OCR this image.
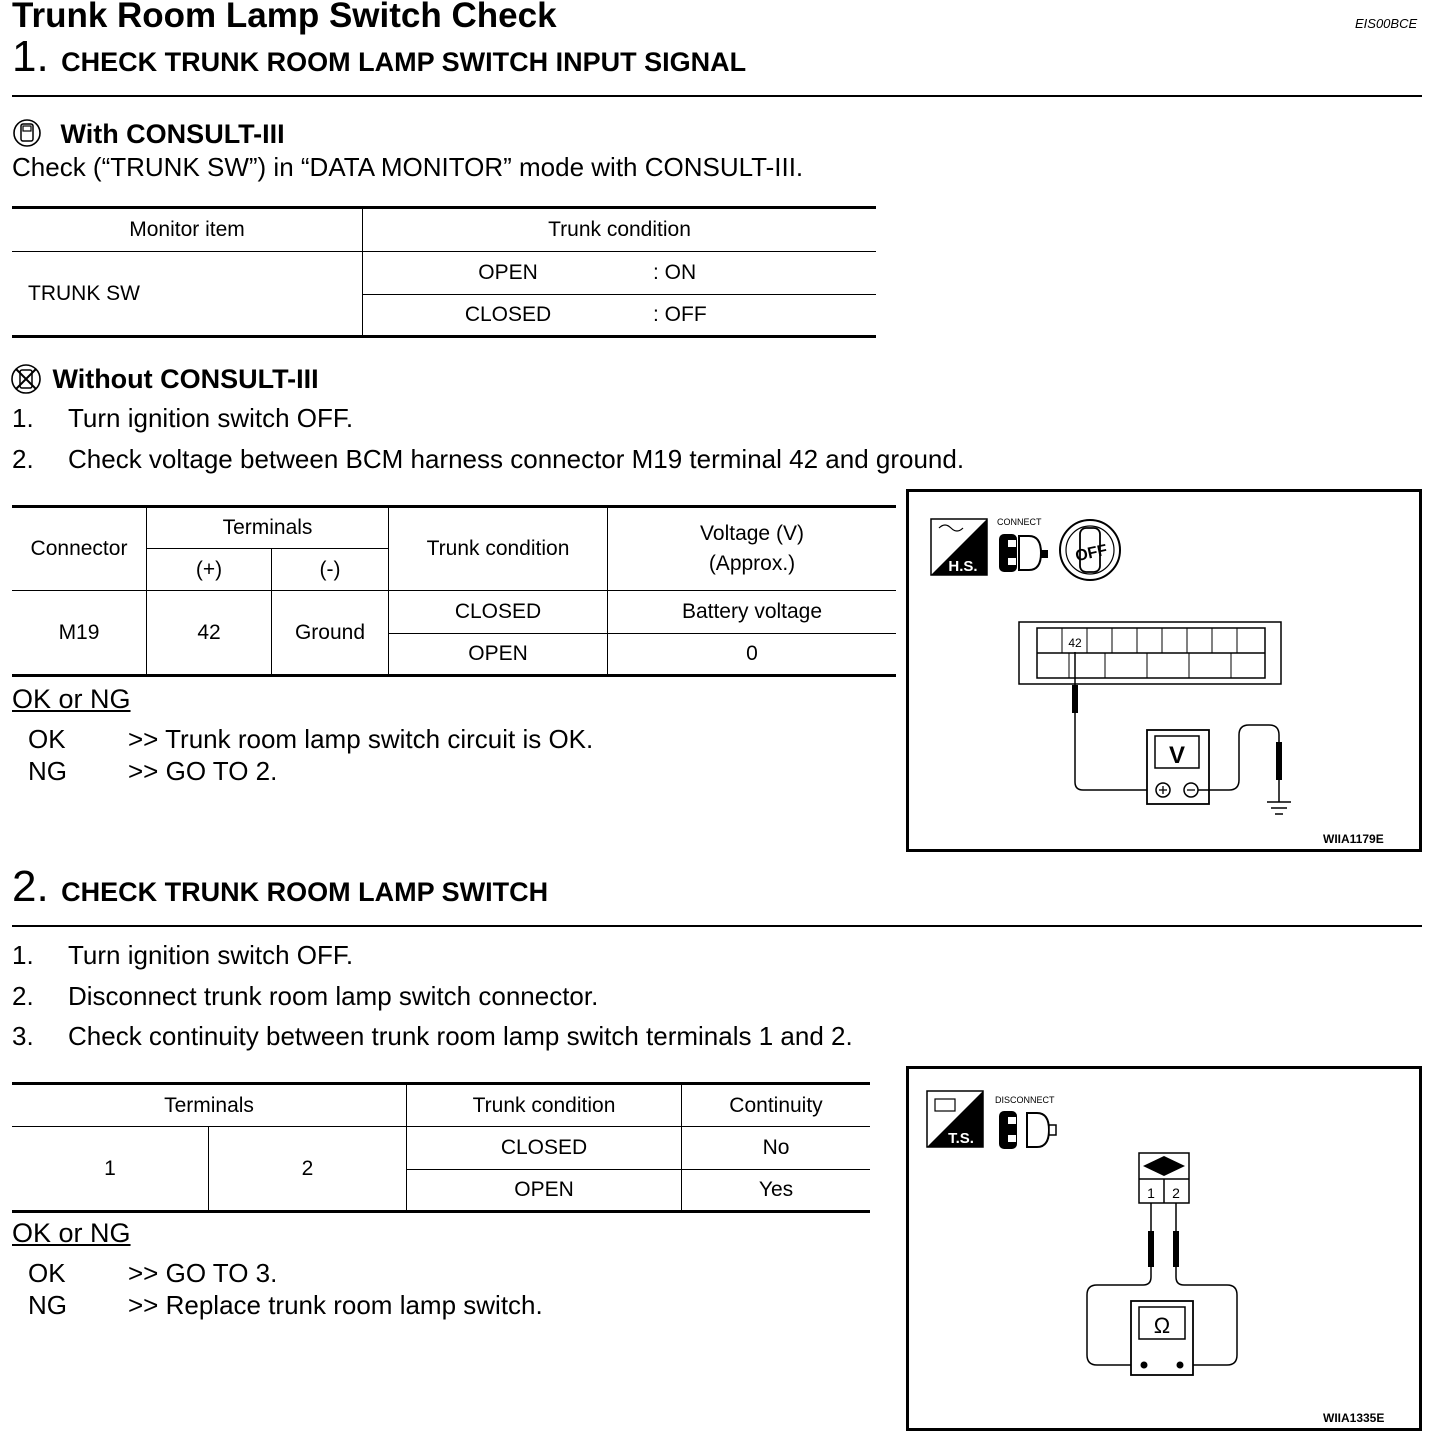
Trunk Room Lamp Switch Check	EIS00BCE
1. CHECK TRUNK ROOM LAMP SWITCH INPUT SIGNAL
With CONSULT-III
Check (“TRUNK SW”) in “DATA MONITOR” mode with CONSULT-III.
Monitor item	Trunk condition	
TRUNK SW	OPEN	: ON
	CLOSED	: OFF
Without CONSULT-III
1. Turn ignition switch OFF.
2. Check voltage between BCM harness connector M19 terminal 42 and ground.
Connector	Terminals		Trunk condition	Voltage (V)
(Approx.)

	(+)	(-)		
M19	42	Ground	CLOSED	Battery voltage
			OPEN	0
OK or NG
OK >> Trunk room lamp switch circuit is OK.
NG >> GO TO 2.
H.S.
CONNECT
OFF
42
V
WIIA1179E
2. CHECK TRUNK ROOM LAMP SWITCH
1. Turn ignition switch OFF.
2. Disconnect trunk room lamp switch connector.
3. Check continuity between trunk room lamp switch terminals 1 and 2.
Terminals		Trunk condition	Continuity
1	2	CLOSED	No
		OPEN	Yes
OK or NG
OK >> GO TO 3.
NG >> Replace trunk room lamp switch.
T.S.
DISCONNECT
1 2
Ω
WIIA1335E
